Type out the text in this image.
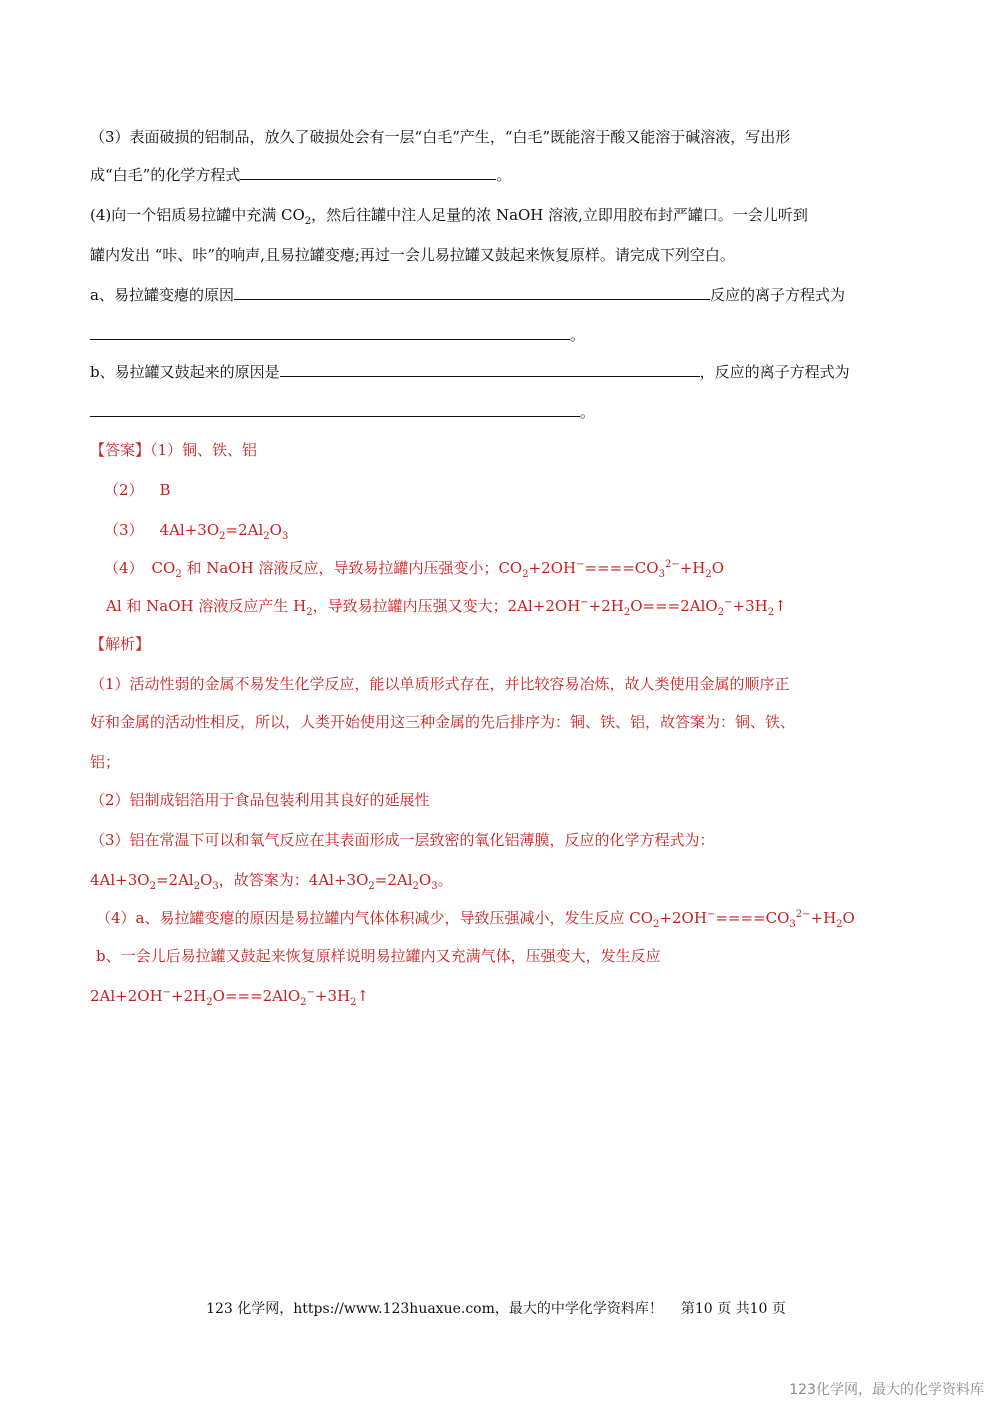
（3）表面破损的铝制品，放久了破损处会有一层“白毛”产生，“白毛”既能溶于酸又能溶于碱溶液，写出形
成“白毛”的化学方程式	。
(4)向一个铝质易拉罐中充满 $CO_2$，然后往罐中注人足量的浓 NaOH 溶液,立即用胶布封严罐口。一会儿听到
罐内发出 “咔、咔”的响声,且易拉罐变瘪;再过一会儿易拉罐又鼓起来恢复原样。请完成下列空白。
a、易拉罐变瘪的原因	反应的离子方程式为
。
b、易拉罐又鼓起来的原因是	，反应的离子方程式为
。
【答案】（1）铜、铁、铝
（2） B
（3） $4Al+3O_2=2Al_2O_3$
（4） $CO_2$ 和 NaOH 溶液反应，导致易拉罐内压强变小；$CO_2+2OH^-====CO_3^{2-}+H_2O$
Al 和 NaOH 溶液反应产生 $H_2$，导致易拉罐内压强又变大；$2Al+2OH^-+2H_2O===2AlO_2^-+3H_2↑$
【解析】
（1）活动性弱的金属不易发生化学反应，能以单质形式存在，并比较容易冶炼，故人类使用金属的顺序正
好和金属的活动性相反，所以，人类开始使用这三种金属的先后排序为：铜、铁、铝，故答案为：铜、铁、
铝；
（2）铝制成铝箔用于食品包装利用其良好的延展性
（3）铝在常温下可以和氧气反应在其表面形成一层致密的氧化铝薄膜，反应的化学方程式为：
$4Al+3O_2=2Al_2O_3$，故答案为：$4Al+3O_2=2Al_2O_3$。
（4）a、易拉罐变瘪的原因是易拉罐内气体体积减少，导致压强减小，发生反应 $CO_2+2OH^-====CO_3^{2-}+H_2O$
b、一会儿后易拉罐又鼓起来恢复原样说明易拉罐内又充满气体，压强变大，发生反应
$2Al+2OH^-+2H_2O===2AlO_2^-+3H_2↑$
123 化学网，https://www.123huaxue.com，最大的中学化学资料库！ 第10 页 共10 页
123化学网，最大的化学资料库
